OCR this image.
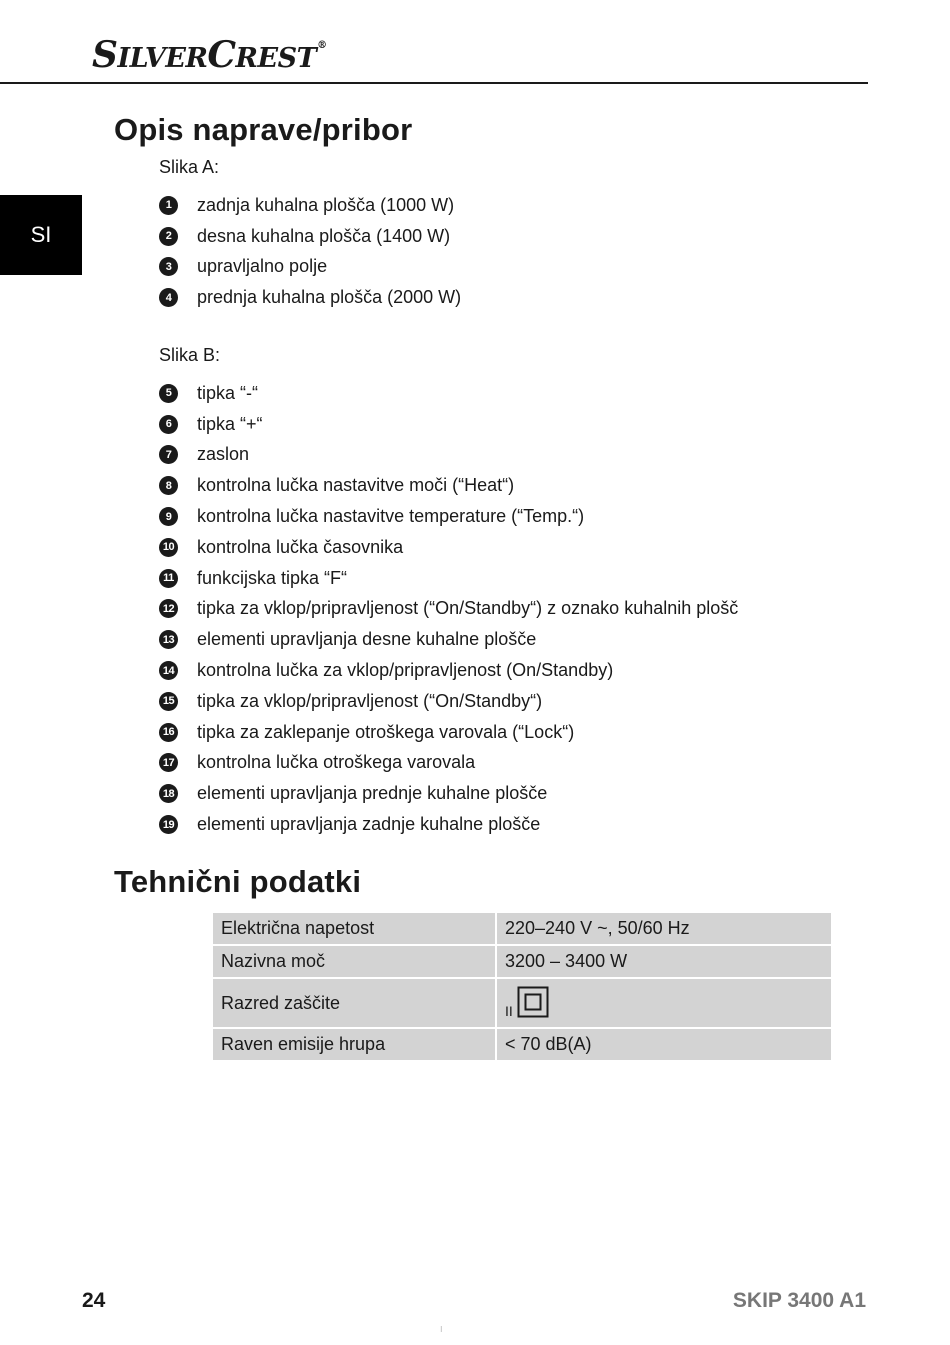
SILVERCREST®
SI
Opis naprave/pribor
Slika A:
1	zadnja kuhalna plošča (1000 W)
2	desna kuhalna plošča (1400 W)
3	upravljalno polje
4	prednja kuhalna plošča (2000 W)
Slika B:
5	tipka “-“
6	tipka “+“
7	zaslon
8	kontrolna lučka nastavitve moči (“Heat“)
9	kontrolna lučka nastavitve temperature (“Temp.“)
10 kontrolna lučka časovnika
11 funkcijska tipka “F“
12 tipka za vklop/pripravljenost (“On/Standby“) z oznako kuhalnih plošč
13 elementi upravljanja desne kuhalne plošče
14 kontrolna lučka za vklop/pripravljenost (On/Standby)
15 tipka za vklop/pripravljenost (“On/Standby“)
16 tipka za zaklepanje otroškega varovala (“Lock“)
17 kontrolna lučka otroškega varovala
18 elementi upravljanja prednje kuhalne plošče
19 elementi upravljanja zadnje kuhalne plošče
Tehnični podatki
Električna napetost	220–240 V ~, 50/60 Hz
Nazivna moč	3200 – 3400 W
Razred zaščite	II

Raven emisije hrupa	< 70 dB(A)
24	SKIP 3400 A1
⁝
